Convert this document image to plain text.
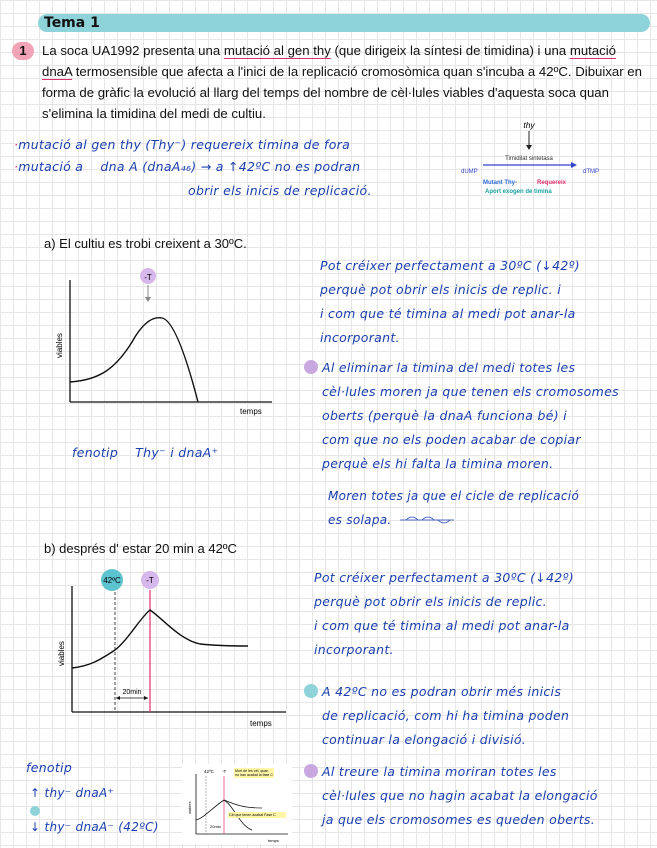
Tema 1
1	La soca UA1992 presenta una mutació al gen thy (que dirigeix la síntesi de timidina) i una mutació dnaA termosensible que afecta a l'inici de la replicació cromosòmica quan s'incuba a 42ºC. Dibuixar en forma de gràfic la evolució al llarg del temps del nombre de cèl·lules viables d'aquesta soca quan s'elimina la timidina del medi de cultiu.
·mutació al gen thy (Thy⁻) requereix timina de fora
·mutació a dna A (dnaA₄₆) → a ↑42ºC no es podran
obrir els inicis de replicació.
thy
Timidilat sintetasa
dUMP	dTMP
Mutant Thy-	Requereix
Aport exogen de timina
a) El cultiu es trobi creixent a 30ºC.
-T
viables
temps
fenotip Thy⁻ i dnaA⁺
Pot créixer perfectament a 30ºC (↓42º)
perquè pot obrir els inicis de replic. i
i com que té timina al medi pot anar-la
incorporant.
Al eliminar la timina del medi totes les
cèl·lules moren ja que tenen els cromosomes
oberts (perquè la dnaA funciona bé) i
com que no els poden acabar de copiar
perquè els hi falta la timina moren.
Moren totes ja que el cicle de replicació
es solapa.
b) després d' estar 20 min a 42ºC
42ºC	-T
viables
temps
20min
Pot créixer perfectament a 30ºC (↓42º)
perquè pot obrir els inicis de replic.
i com que té timina al medi pot anar-la
incorporant.
A 42ºC no es podran obrir més inicis
de replicació, com hi ha timina poden
continuar la elongació i divisió.
Al treure la timina moriran totes les
cèl·lules que no hagin acabat la elongació
ja que els cromosomes es queden oberts.
fenotip
↑ thy⁻ dnaA⁺
↓ thy⁻ dnaA⁻ (42ºC)
42ºC -T
viables
temps
20min
Mort de les cèl. quan no han acabat la fase C
Cèl que tenen acabat Fase C
